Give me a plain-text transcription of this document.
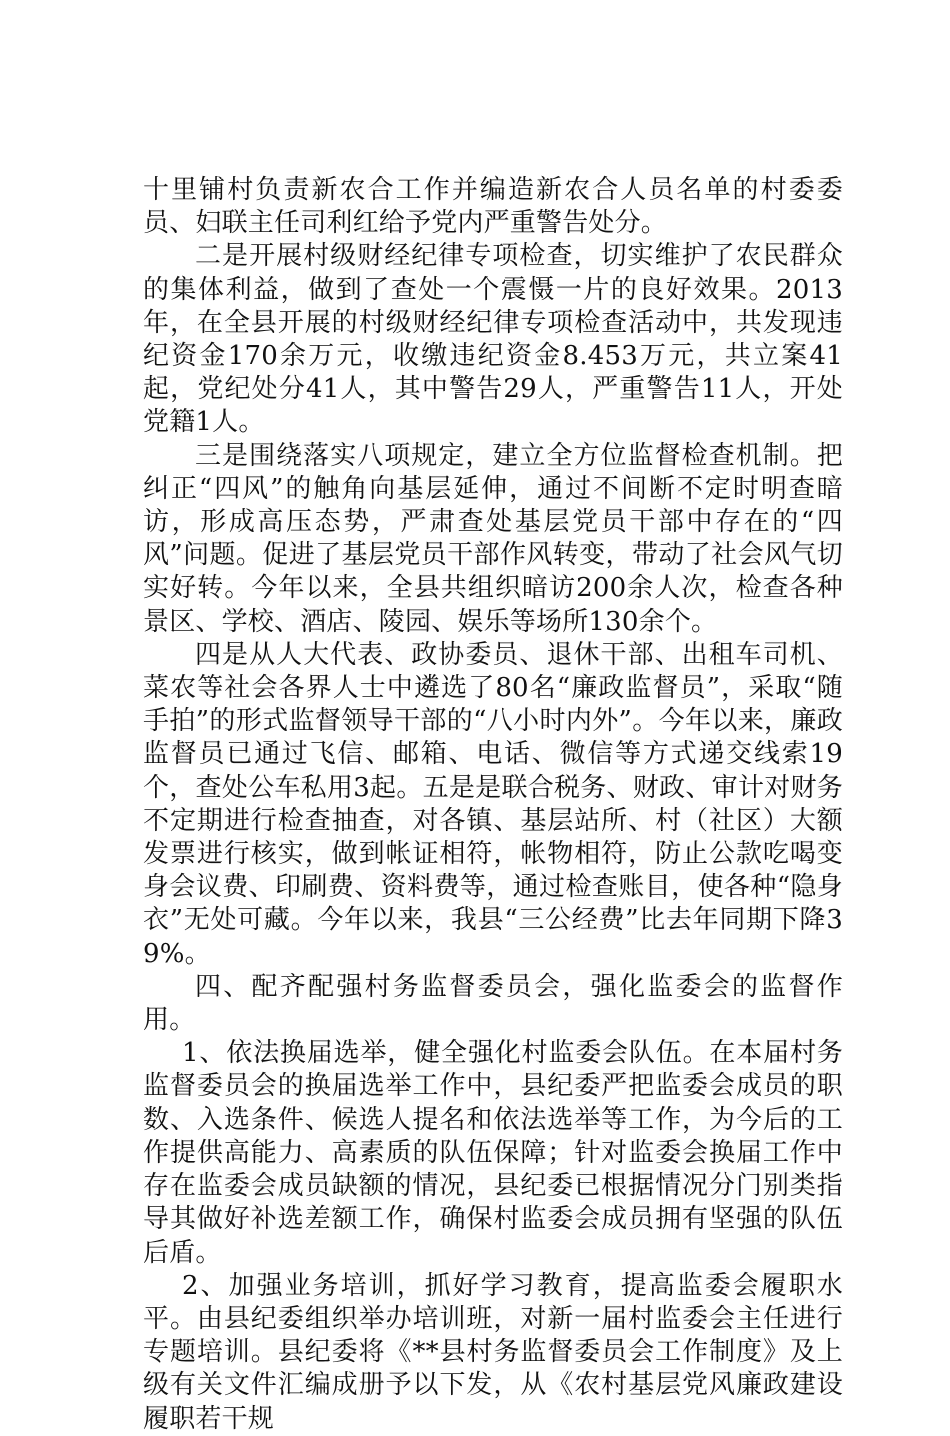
十里铺村负责新农合工作并编造新农合人员名单的村委委员、妇联主任司利红给予党内严重警告处分。

二是开展村级财经纪律专项检查，切实维护了农民群众的集体利益，做到了查处一个震慑一片的良好效果。2013年，在全县开展的村级财经纪律专项检查活动中，共发现违纪资金170余万元，收缴违纪资金8.453万元，共立案41起，党纪处分41人，其中警告29人，严重警告11人，开处党籍1人。

三是围绕落实八项规定，建立全方位监督检查机制。把纠正“四风”的触角向基层延伸，通过不间断不定时明查暗访，形成高压态势，严肃查处基层党员干部中存在的“四风”问题。促进了基层党员干部作风转变，带动了社会风气切实好转。今年以来，全县共组织暗访200余人次，检查各种景区、学校、酒店、陵园、娱乐等场所130余个。

四是从人大代表、政协委员、退休干部、出租车司机、菜农等社会各界人士中遴选了80名“廉政监督员”，采取“随手拍”的形式监督领导干部的“八小时内外”。今年以来，廉政监督员已通过飞信、邮箱、电话、微信等方式递交线索19个，查处公车私用3起。五是是联合税务、财政、审计对财务不定期进行检查抽查，对各镇、基层站所、村（社区）大额发票进行核实，做到帐证相符，帐物相符，防止公款吃喝变身会议费、印刷费、资料费等，通过检查账目，使各种“隐身衣”无处可藏。今年以来，我县“三公经费”比去年同期下降39%。

四、配齐配强村务监督委员会，强化监委会的监督作用。

1、依法换届选举，健全强化村监委会队伍。在本届村务监督委员会的换届选举工作中，县纪委严把监委会成员的职数、入选条件、候选人提名和依法选举等工作，为今后的工作提供高能力、高素质的队伍保障；针对监委会换届工作中存在监委会成员缺额的情况，县纪委已根据情况分门别类指导其做好补选差额工作，确保村监委会成员拥有坚强的队伍后盾。

2、加强业务培训，抓好学习教育，提高监委会履职水平。由县纪委组织举办培训班，对新一届村监委会主任进行专题培训。县纪委将《**县村务监督委员会工作制度》及上级有关文件汇编成册予以下发，从《农村基层党风廉政建设履职若干规
